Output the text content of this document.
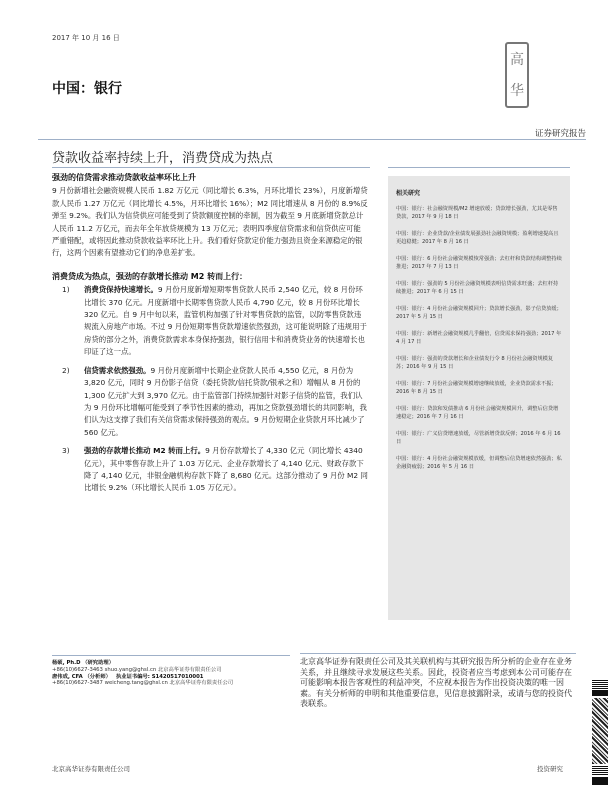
2017 年 10 月 16 日
中国：银行
高
华
证券研究报告
贷款收益率持续上升，消费贷成为热点
强劲的信贷需求推动贷款收益率环比上升

9 月份新增社会融资规模人民币 1.82 万亿元（同比增长 6.3%，月环比增长 23%），月度新增贷款人民币 1.27 万亿元（同比增长 4.5%，月环比增长 16%）；M2 同比增速从 8 月份的 8.9%反弹至 9.2%。我们认为信贷供应可能受到了贷款额度控制的牵制，因为截至 9 月底新增贷款总计人民币 11.2 万亿元，而去年全年放贷规模为 13 万亿元；表明四季度信贷需求和信贷供应可能严重错配，或将因此推动贷款收益率环比上升。我们看好贷款定价能力强劲且资金来源稳定的银行，这两个因素有望推动它们的净息差扩张。

消费贷成为热点，强劲的存款增长推动 M2 转而上行：
1) 消费贷保持快速增长。9 月份月度新增短期零售贷款人民币 2,540 亿元，较 8 月份环比增长 370 亿元。月度新增中长期零售贷款人民币 4,790 亿元，较 8 月份环比增长 320 亿元。自 9 月中旬以来，监管机构加强了针对零售贷款的监管，以防零售贷款违规流入房地产市场。不过 9 月份短期零售贷款增速依然强劲，这可能说明除了违规用于房贷的部分之外，消费贷款需求本身保持强劲，银行信用卡和消费贷业务的快速增长也印证了这一点。
2) 信贷需求依然强劲。9 月份月度新增中长期企业贷款人民币 4,550 亿元，8 月份为 3,820 亿元，同时 9 月份影子信贷（委托贷款/信托贷款/银承之和）增幅从 8 月份的 1,300 亿元扩大到 3,970 亿元。由于监管部门持续加强针对影子信贷的监管，我们认为 9 月份环比增幅可能受到了季节性因素的推动，再加之贷款强劲增长的共同影响，我们认为这支撑了我们有关信贷需求保持强劲的观点。9 月份短期企业贷款月环比减少了 560 亿元。
3) 强劲的存款增长推动 M2 转而上行。9 月份存款增长了 4,330 亿元（同比增长 4340 亿元），其中零售存款上升了 1.03 万亿元、企业存款增长了 4,140 亿元、财政存款下降了 4,140 亿元，非银金融机构存款下降了 8,680 亿元。这部分推动了 9 月份 M2 同比增长 9.2%（环比增长人民币 1.05 万亿元）。
相关研究
中国：银行：社会融资规模/M2 增速放缓；贷款增长强劲，尤其是零售贷款，2017 年 9 月 18 日
中国：银行：企业贷款/企业债发展强劲社会融资规模；盈利增速提高且更趋稳健；2017 年 8 月 16 日
中国：银行：6 月份社会融资规模恢常强劲；去杠杆和贷款结构调整持续推进；2017 年 7 月 13 日
中国：银行：强劲的 5 月份社会融资规模表明信贷需求旺盛；去杠杆持续推进；2017 年 6 月 15 日
中国：银行：4 月份社会融资规模回升；贷款增长强劲，影子信贷放缓；2017 年 5 月 15 日
中国：银行：新增社会融资规模几乎翻倍，信贷需求保持强劲；2017 年 4 月 17 日
中国：银行：强劲的贷款增长和企业债发行令 8 月份社会融资规模复苏；2016 年 9 月 15 日
中国：银行：7 月份社会融资规模增速继续放缓，企业贷款需求不振；2016 年 8 月 15 日
中国：银行：贷款和发债推动 6 月份社会融资规模回升，调整后信贷增速稳定；2016 年 7 月 16 日
中国：银行：广义信贷增速放缓，尽管新增贷款反弹；2016 年 6 月 16 日
中国：银行：4 月份社会融资规模放缓，但调整后信贷增速依然强劲；私企融资疲弱；2016 年 5 月 16 日
杨硕, Ph.D （研究助理）
+86(10)6627-3463 shuo.yang@ghsl.cn 北京高华证券有限责任公司
唐伟成, CFA （分析师） 执业证书编号: S1420517010001
+86(10)6627-3487 weicheng.tang@ghsl.cn 北京高华证券有限责任公司
北京高华证券有限责任公司及其关联机构与其研究报告所分析的企业存在业务关系，并且继续寻求发展这些关系。因此，投资者应当考虑到本公司可能存在可能影响本报告客观性的利益冲突，不应视本报告为作出投资决策的唯一因素。有关分析师的申明和其他重要信息，见信息披露附录，或请与您的投资代表联系。
北京高华证券有限责任公司	投资研究
